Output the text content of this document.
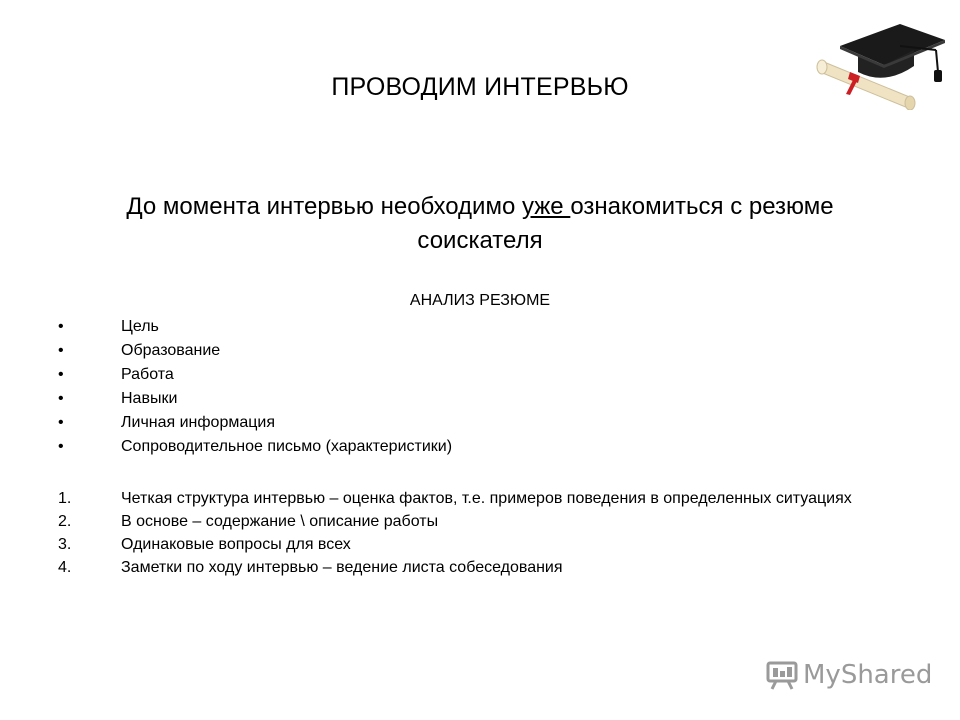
ПРОВОДИМ ИНТЕРВЬЮ
До момента интервью необходимо уже ознакомиться с резюме соискателя
АНАЛИЗ РЕЗЮМЕ
•	Цель
•	Образование
•	Работа
•	Навыки
•	Личная информация
•	Сопроводительное письмо (характеристики)
1.	Четкая структура интервью – оценка фактов, т.е. примеров поведения в определенных ситуациях
2.	В основе – содержание \ описание работы
3.	Одинаковые вопросы для всех
4.	Заметки по ходу интервью – ведение листа собеседования
MyShared
